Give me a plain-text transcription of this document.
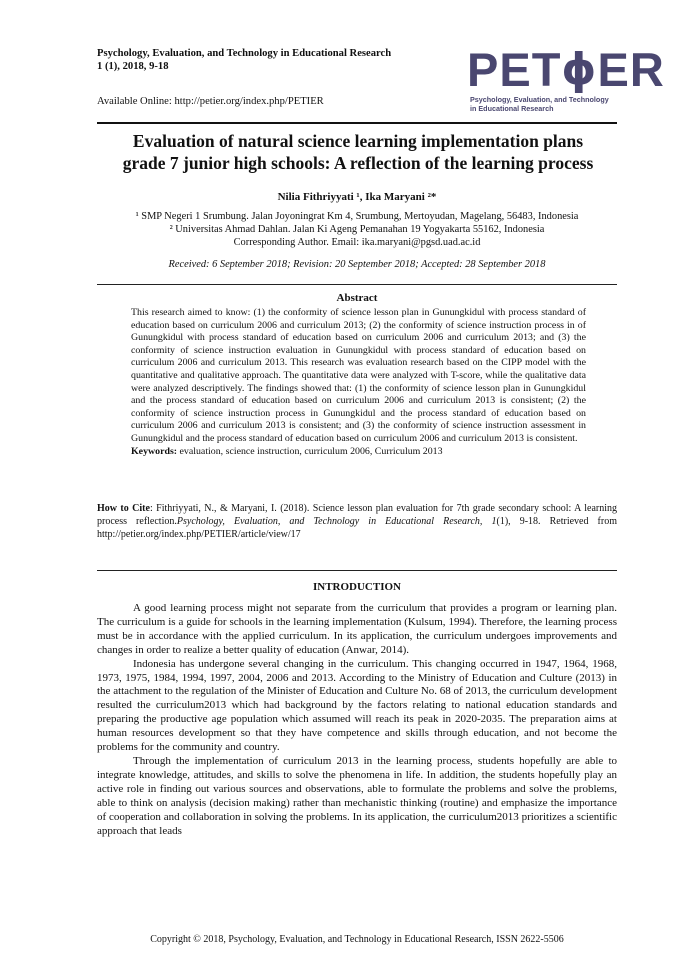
Psychology, Evaluation, and Technology in Educational Research

1 (1), 2018, 9-18

Available Online: http://petier.org/index.php/PETIER
PET ϕ ER
Psychology, Evaluation, and Technology
in Educational Research
Evaluation of natural science learning implementation plans
grade 7 junior high schools: A reflection of the learning process
Nilia Fithriyyati ¹, Ika Maryani ²*
¹ SMP Negeri 1 Srumbung. Jalan Joyoningrat Km 4, Srumbung, Mertoyudan, Magelang, 56483, Indonesia
² Universitas Ahmad Dahlan. Jalan Ki Ageng Pemanahan 19 Yogyakarta 55162, Indonesia
Corresponding Author. Email: ika.maryani@pgsd.uad.ac.id
Received: 6 September 2018; Revision: 20 September 2018; Accepted: 28 September 2018
Abstract

This research aimed to know: (1) the conformity of science lesson plan in Gunungkidul with process standard of education based on curriculum 2006 and curriculum 2013; (2) the conformity of science instruction process in of Gunungkidul with process standard of education based on curriculum 2006 and curriculum 2013; and (3) the conformity of science instruction evaluation in Gunungkidul with process standard of education based on curriculum 2006 and curriculum 2013. This research was evaluation research based on the CIPP model with the quantitative and qualitative approach. The quantitative data were analyzed with T-score, while the qualitative data were analyzed descriptively. The findings showed that: (1) the conformity of science lesson plan in Gunungkidul and the process standard of education based on curriculum 2006 and curriculum 2013 is consistent; (2) the conformity of science instruction process in Gunungkidul and the process standard of education based on curriculum 2006 and curriculum 2013 is consistent; and (3) the conformity of science instruction assessment in Gunungkidul and the process standard of education based on curriculum 2006 and curriculum 2013 is consistent.
Keywords: evaluation, science instruction, curriculum 2006, Curriculum 2013

How to Cite: Fithriyyati, N., & Maryani, I. (2018). Science lesson plan evaluation for 7th grade secondary school: A learning process reflection.Psychology, Evaluation, and Technology in Educational Research, 1(1), 9-18. Retrieved from http://petier.org/index.php/PETIER/article/view/17

INTRODUCTION

A good learning process might not separate from the curriculum that provides a program or learning plan. The curriculum is a guide for schools in the learning implementation (Kulsum, 1994). Therefore, the learning process must be in accordance with the applied curriculum. In its application, the curriculum undergoes improvements and changes in order to realize a better quality of education (Anwar, 2014).

Indonesia has undergone several changing in the curriculum. This changing occurred in 1947, 1964, 1968, 1973, 1975, 1984, 1994, 1997, 2004, 2006 and 2013. According to the Ministry of Education and Culture (2013) in the attachment to the regulation of the Minister of Education and Culture No. 68 of 2013, the curriculum development resulted the curriculum2013 which had background by the factors relating to national education standards and preparing the productive age population which assumed will reach its peak in 2020-2035. The preparation aims at human resources development so that they have competence and skills through education, and not become the problems for the community and country.

Through the implementation of curriculum 2013 in the learning process, students hopefully are able to integrate knowledge, attitudes, and skills to solve the phenomena in life. In addition, the students hopefully play an active role in finding out various sources and observations, able to formulate the problems and solve the problems, able to think on analysis (decision making) rather than mechanistic thinking (routine) and emphasize the importance of cooperation and collaboration in solving the problems. In its application, the curriculum2013 prioritizes a scientific approach that leads

Copyright © 2018, Psychology, Evaluation, and Technology in Educational Research, ISSN 2622-5506
